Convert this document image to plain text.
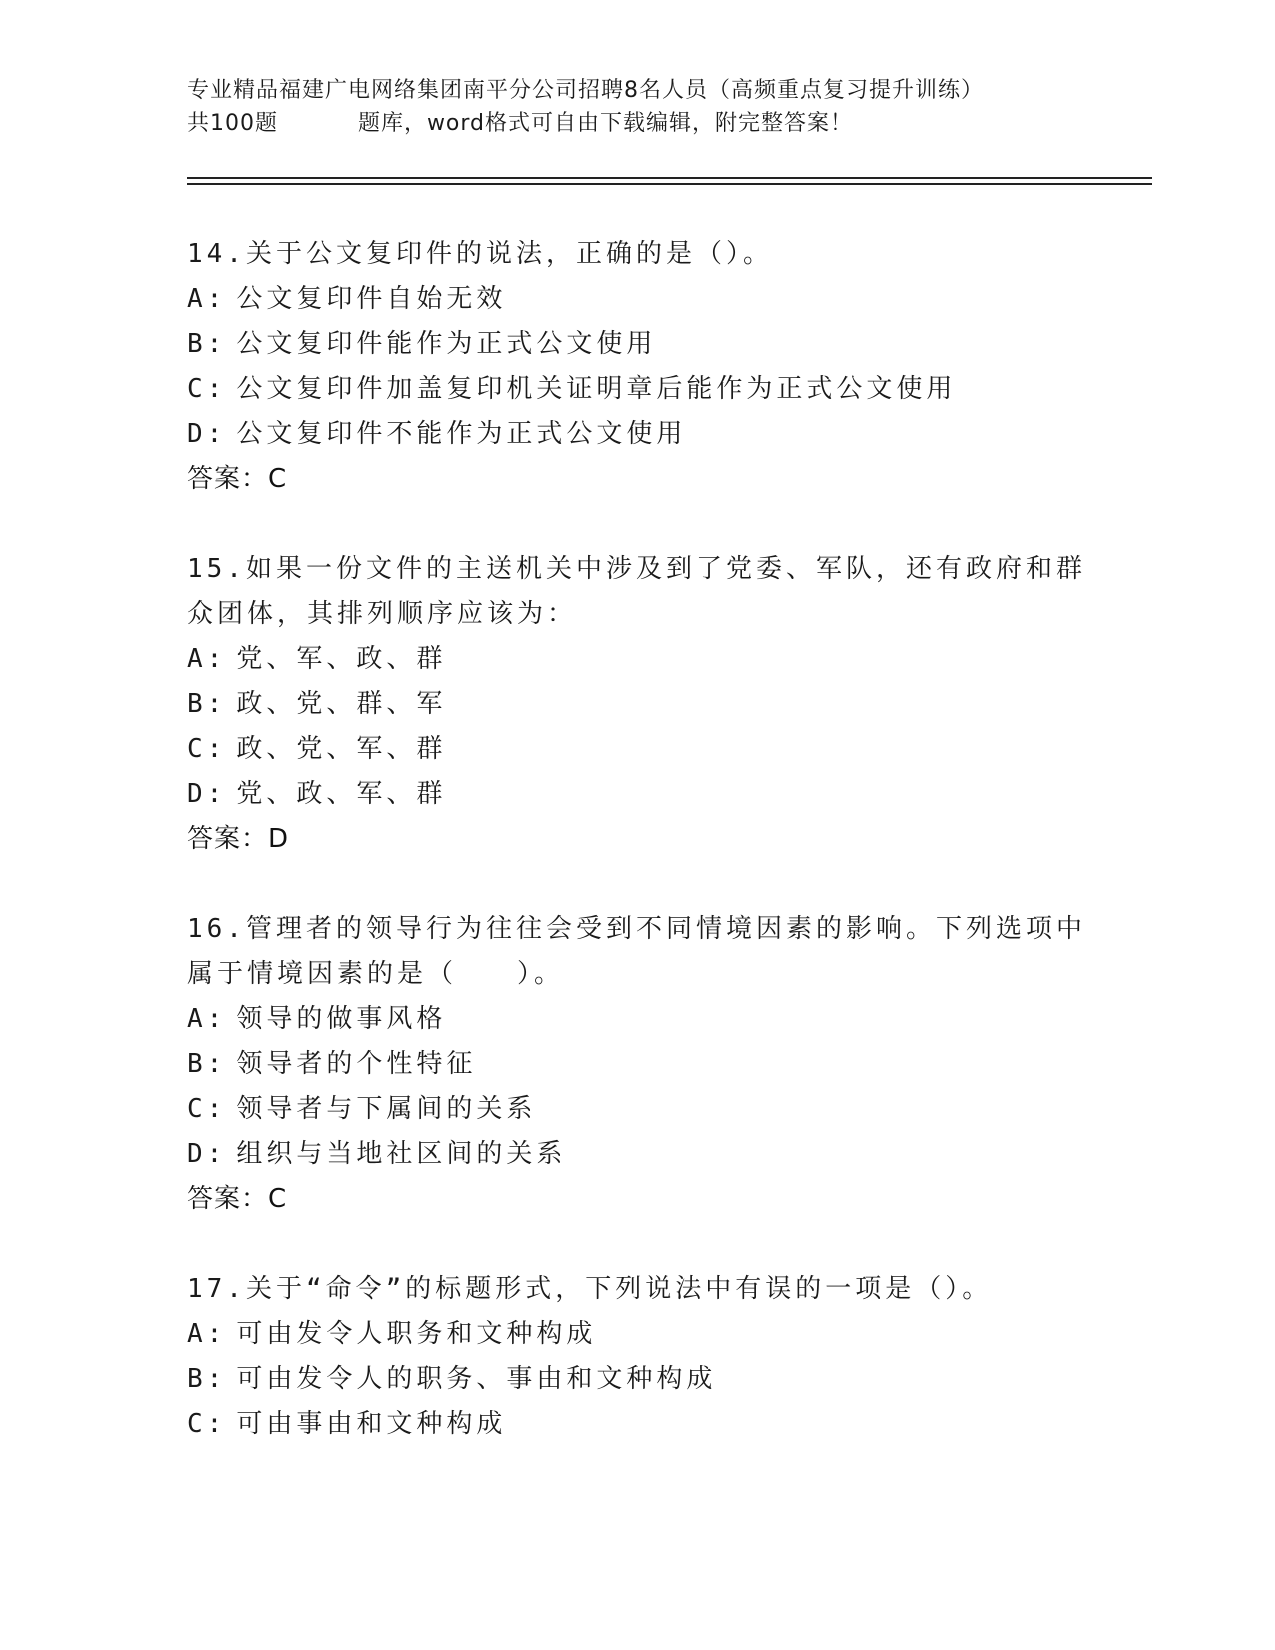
专业精品福建广电网络集团南平分公司招聘8名人员（高频重点复习提升训练）
共100题	题库，word格式可自由下载编辑，附完整答案！

14.关于公文复印件的说法，正确的是（）。

A: 公文复印件自始无效

B: 公文复印件能作为正式公文使用

C: 公文复印件加盖复印机关证明章后能作为正式公文使用

D: 公文复印件不能作为正式公文使用

答案：C

15.如果一份文件的主送机关中涉及到了党委、军队，还有政府和群众团体，其排列顺序应该为：

A: 党、军、政、群

B: 政、党、群、军

C: 政、党、军、群

D: 党、政、军、群

答案：D

16.管理者的领导行为往往会受到不同情境因素的影响。下列选项中属于情境因素的是（　　）。

A: 领导的做事风格

B: 领导者的个性特征

C: 领导者与下属间的关系

D: 组织与当地社区间的关系

答案：C

17.关于“命令”的标题形式，下列说法中有误的一项是（）。

A: 可由发令人职务和文种构成

B: 可由发令人的职务、事由和文种构成

C: 可由事由和文种构成
